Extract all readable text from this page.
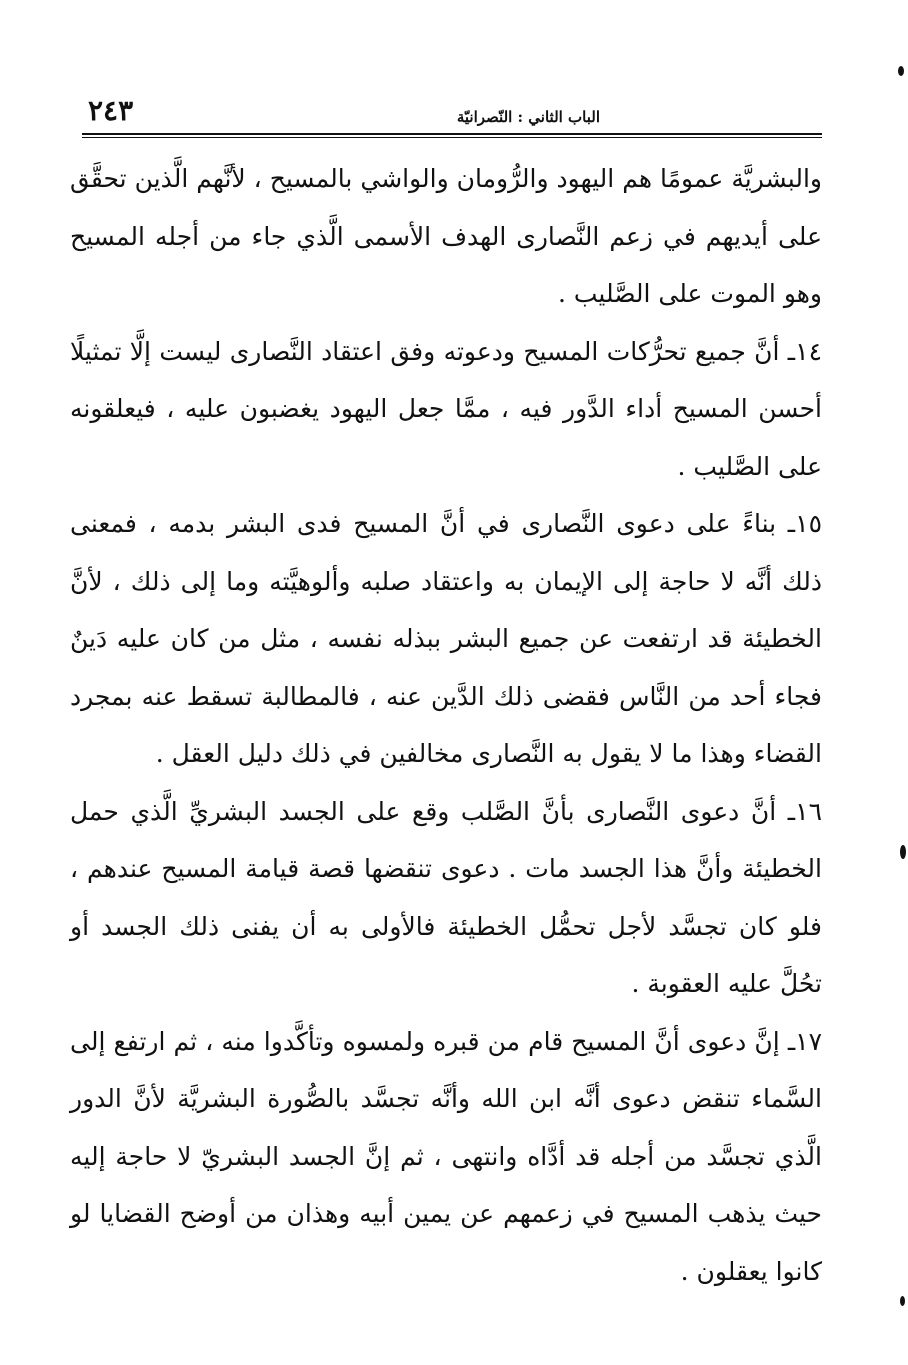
٢٤٣	الباب الثاني : النّصرانيّة

والبشريَّة عمومًا هم اليهود والرُّومان والواشي بالمسيح ، لأنَّهم الَّذين تحقَّق على أيديهم في زعم النَّصارى الهدف الأسمى الَّذي جاء من أجله المسيح وهو الموت على الصَّليب .

١٤ـ أنَّ جميع تحرُّكات المسيح ودعوته وفق اعتقاد النَّصارى ليست إلَّا تمثيلًا أحسن المسيح أداء الدَّور فيه ، ممَّا جعل اليهود يغضبون عليه ، فيعلقونه على الصَّليب .

١٥ـ بناءً على دعوى النَّصارى في أنَّ المسيح فدى البشر بدمه ، فمعنى ذلك أنَّه لا حاجة إلى الإيمان به واعتقاد صلبه وألوهيَّته وما إلى ذلك ، لأنَّ الخطيئة قد ارتفعت عن جميع البشر ببذله نفسه ، مثل من كان عليه دَينٌ فجاء أحد من النَّاس فقضى ذلك الدَّين عنه ، فالمطالبة تسقط عنه بمجرد القضاء وهذا ما لا يقول به النَّصارى مخالفين في ذلك دليل العقل .

١٦ـ أنَّ دعوى النَّصارى بأنَّ الصَّلب وقع على الجسد البشريِّ الَّذي حمل الخطيئة وأنَّ هذا الجسد مات . دعوى تنقضها قصة قيامة المسيح عندهم ، فلو كان تجسَّد لأجل تحمُّل الخطيئة فالأولى به أن يفنى ذلك الجسد أو تحُلَّ عليه العقوبة .

١٧ـ إنَّ دعوى أنَّ المسيح قام من قبره ولمسوه وتأكَّدوا منه ، ثم ارتفع إلى السَّماء تنقض دعوى أنَّه ابن الله وأنَّه تجسَّد بالصُّورة البشريَّة لأنَّ الدور الَّذي تجسَّد من أجله قد أدَّاه وانتهى ، ثم إنَّ الجسد البشريّ لا حاجة إليه حيث يذهب المسيح في زعمهم عن يمين أبيه وهذان من أوضح القضايا لو كانوا يعقلون .
